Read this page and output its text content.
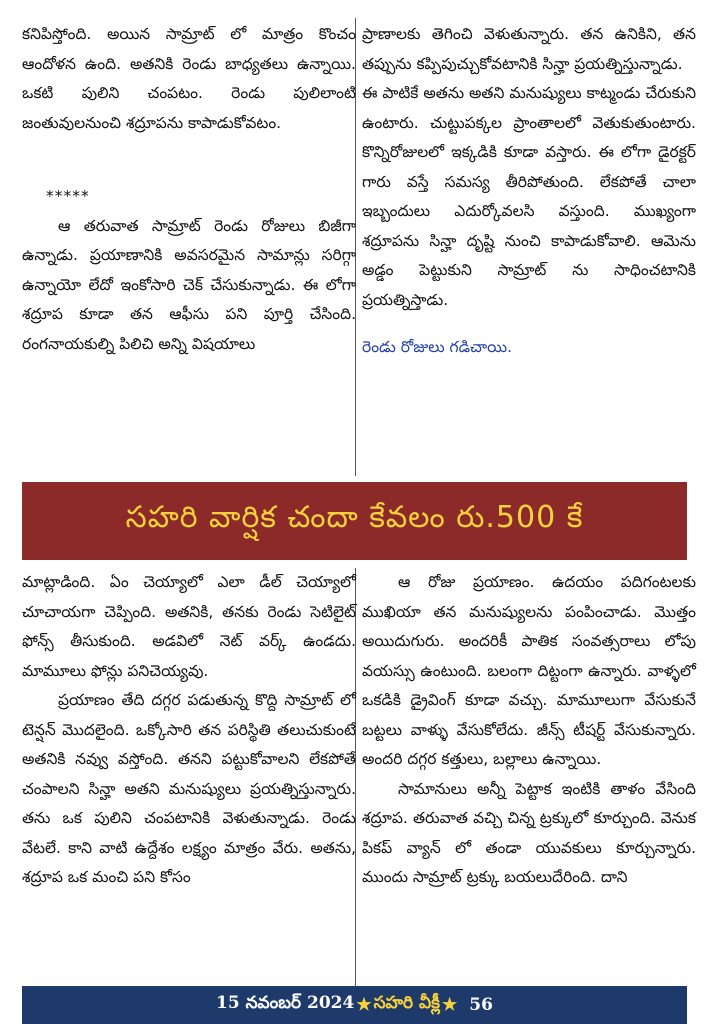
కనిపిస్తోంది. అయిన సామ్రాట్ లో మాత్రం కొంచం ఆందోళన ఉంది. అతనికి రెండు బాధ్యతలు ఉన్నాయి. ఒకటి పులిని చంపటం. రెండు పులిలాంటి జంతువులనుంచి శద్రూపను కాపాడుకోవటం.

*****

ఆ తరువాత సామ్రాట్ రెండు రోజులు బిజీగా ఉన్నాడు. ప్రయాణానికి అవసరమైన సామాన్లు సరిగ్గా ఉన్నాయో లేదో ఇంకోసారి చెక్ చేసుకున్నాడు. ఈ లోగా శద్రూప కూడా తన ఆఫీసు పని పూర్తి చేసింది. రంగనాయకుల్ని పిలిచి అన్ని విషయాలు

ప్రాణాలకు తెగించి వెళుతున్నారు. తన ఉనికిని, తన తప్పును కప్పిపుచ్చుకోవటానికి సిన్హా ప్రయత్నిస్తున్నాడు.

ఈ పాటికే అతను అతని మనుష్యులు కాట్మండు చేరుకుని ఉంటారు. చుట్టుపక్కల ప్రాంతాలలో వెతుకుతుంటారు. కొన్నిరోజులలో ఇక్కడికి కూడా వస్తారు. ఈ లోగా డైరక్టర్ గారు వస్తే సమస్య తీరిపోతుంది. లేకపోతే చాలా ఇబ్బందులు ఎదుర్కోవలసి వస్తుంది. ముఖ్యంగా శద్రూపను సిన్హా దృష్టి నుంచి కాపాడుకోవాలి. ఆమెను అడ్డం పెట్టుకుని సామ్రాట్ ను సాధించటానికి ప్రయత్నిస్తాడు.

రెండు రోజులు గడిచాయి.

సహరి వార్షిక చందా కేవలం రు.500 కే

మాట్లాడింది. ఏం చెయ్యాలో ఎలా డీల్ చెయ్యాలో చూచాయగా చెప్పింది. అతనికి, తనకు రెండు సెటిలైట్ ఫోన్స్ తీసుకుంది. అడవిలో నెట్ వర్క్ ఉండదు. మామూలు ఫోన్లు పనిచెయ్యవు.

ప్రయాణం తేది దగ్గర పడుతున్న కొద్ది సామ్రాట్ లో టెన్షన్ మొదలైంది. ఒక్కోసారి తన పరిస్థితి తలుచుకుంటే అతనికి నవ్వు వస్తోంది. తనని పట్టుకోవాలని లేకపోతే చంపాలని సిన్హా అతని మనుష్యులు ప్రయత్నిస్తున్నారు. తను ఒక పులిని చంపటానికి వెళుతున్నాడు. రెండు వేటలే. కాని వాటి ఉద్దేశం లక్ష్యం మాత్రం వేరు. అతను, శద్రూప ఒక మంచి పని కోసం

ఆ రోజు ప్రయాణం. ఉదయం పదిగంటలకు ముఖియా తన మనుష్యులను పంపించాడు. మొత్తం అయిదుగురు. అందరికీ పాతిక సంవత్సరాలు లోపు వయస్సు ఉంటుంది. బలంగా దిట్టంగా ఉన్నారు. వాళ్ళలో ఒకడికి డ్రైవింగ్ కూడా వచ్చు. మామూలుగా వేసుకునే బట్టలు వాళ్ళు వేసుకోలేదు. జీన్స్ టీషర్ట్ వేసుకున్నారు. అందరి దగ్గర కత్తులు, బల్లాలు ఉన్నాయి.

సామానులు అన్నీ పెట్టాక ఇంటికి తాళం వేసింది శద్రూప. తరువాత వచ్చి చిన్న ట్రక్కులో కూర్చుంది. వెనుక పికప్ వ్యాన్ లో తండా యువకులు కూర్చున్నారు. ముందు సామ్రాట్ ట్రక్కు బయలుదేరింది. దాని

15 నవంబర్ 2024 ★ సహరి వీక్లీ ★ 56
